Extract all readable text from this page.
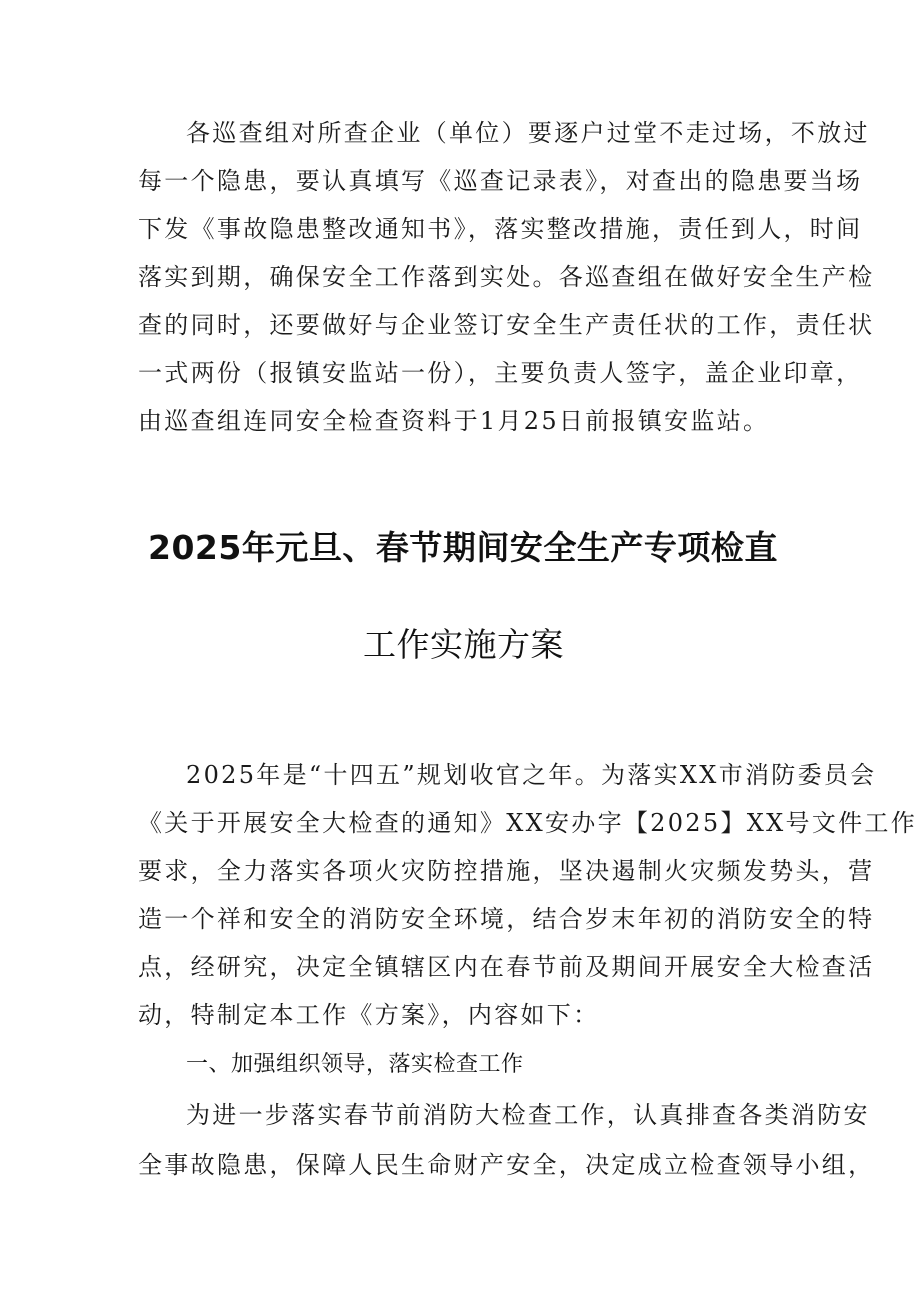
各巡查组对所查企业（单位）要逐户过堂不走过场，不放过
每一个隐患，要认真填写《巡查记录表》，对查出的隐患要当场
下发《事故隐患整改通知书》，落实整改措施，责任到人，时间
落实到期，确保安全工作落到实处。各巡查组在做好安全生产检
查的同时，还要做好与企业签订安全生产责任状的工作，责任状
一式两份（报镇安监站一份），主要负责人签字，盖企业印章，
由巡查组连同安全检查资料于1月25日前报镇安监站。
2025年元旦、春节期间安全生产专项检直
工作实施方案
2025年是“十四五”规划收官之年。为落实XX市消防委员会
《关于开展安全大检查的通知》XX安办字【2025】XX号文件工作
要求，全力落实各项火灾防控措施，坚决遏制火灾频发势头，营
造一个祥和安全的消防安全环境，结合岁末年初的消防安全的特
点，经研究，决定全镇辖区内在春节前及期间开展安全大检查活
动，特制定本工作《方案》，内容如下：
一、加强组织领导，落实检查工作
为进一步落实春节前消防大检查工作，认真排查各类消防安
全事故隐患，保障人民生命财产安全，决定成立检查领导小组，
